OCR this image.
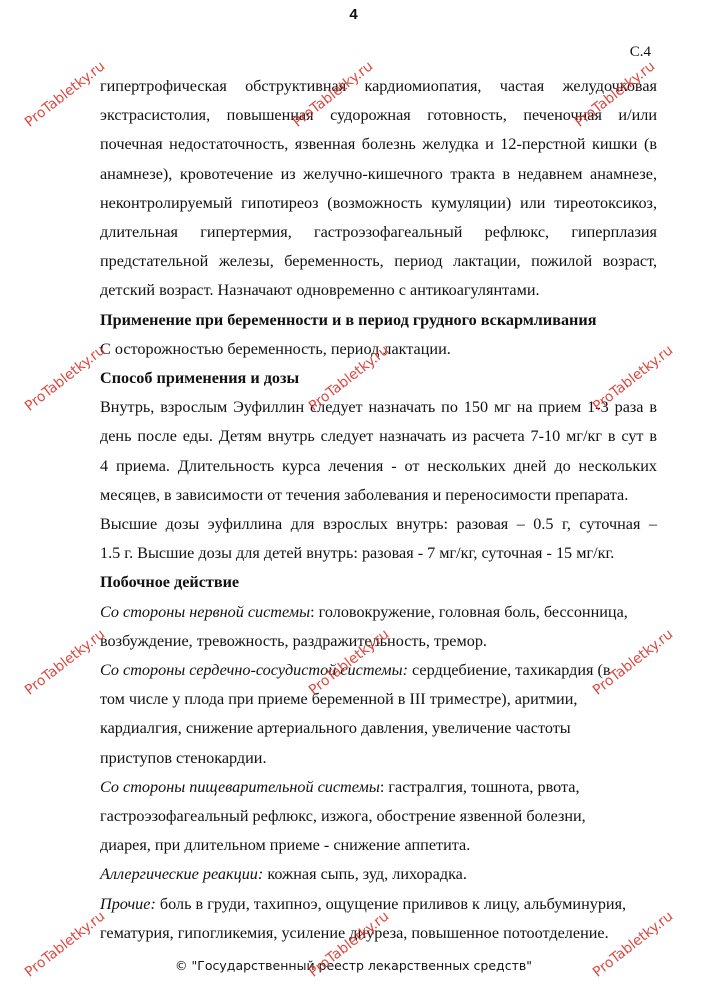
4
С.4

гипертрофическая обструктивная кардиомиопатия, частая желудочковая

экстрасистолия, повышенная судорожная готовность, печеночная и/или

почечная недостаточность, язвенная болезнь желудка и 12-перстной кишки (в

анамнезе), кровотечение из желучно-кишечного тракта в недавнем анамнезе,

неконтролируемый гипотиреоз (возможность кумуляции) или тиреотоксикоз,

длительная гипертермия, гастроэзофагеальный рефлюкс, гиперплазия

предстательной железы, беременность, период лактации, пожилой возраст,

детский возраст. Назначают одновременно с антикоагулянтами.

Применение при беременности и в период грудного вскармливания

С осторожностью беременность, период лактации.

Способ применения и дозы

Внутрь, взрослым Эуфиллин следует назначать по 150 мг на прием 1-3 раза в

день после еды. Детям внутрь следует назначать из расчета 7-10 мг/кг в сут в

4 приема. Длительность курса лечения - от нескольких дней до нескольких

месяцев, в зависимости от течения заболевания и переносимости препарата.

Высшие дозы эуфиллина для взрослых внутрь: разовая – 0.5 г, суточная –

1.5 г. Высшие дозы для детей внутрь: разовая - 7 мг/кг, суточная - 15 мг/кг.

Побочное действие

Со стороны нервной системы: головокружение, головная боль, бессонница,

возбуждение, тревожность, раздражительность, тремор.

Со стороны сердечно-сосудистой системы: сердцебиение, тахикардия (в

том числе у плода при приеме беременной в III триместре), аритмии,

кардиалгия, снижение артериального давления, увеличение частоты

приступов стенокардии.

Со стороны пищеварительной системы: гастралгия, тошнота, рвота,

гастроэзофагеальный рефлюкс, изжога, обострение язвенной болезни,

диарея, при длительном приеме - снижение аппетита.

Аллергические реакции: кожная сыпь, зуд, лихорадка.

Прочие: боль в груди, тахипноэ, ощущение приливов к лицу, альбуминурия,

гематурия, гипогликемия, усиление диуреза, повышенное потоотделение.

© "Государственный реестр лекарственных средств"
ProTabletky.ru	ProTabletky.ru	ProTabletky.ru
ProTabletky.ru	ProTabletky.ru	ProTabletky.ru
ProTabletky.ru	ProTabletky.ru	ProTabletky.ru
ProTabletky.ru	ProTabletky.ru	ProTabletky.ru
